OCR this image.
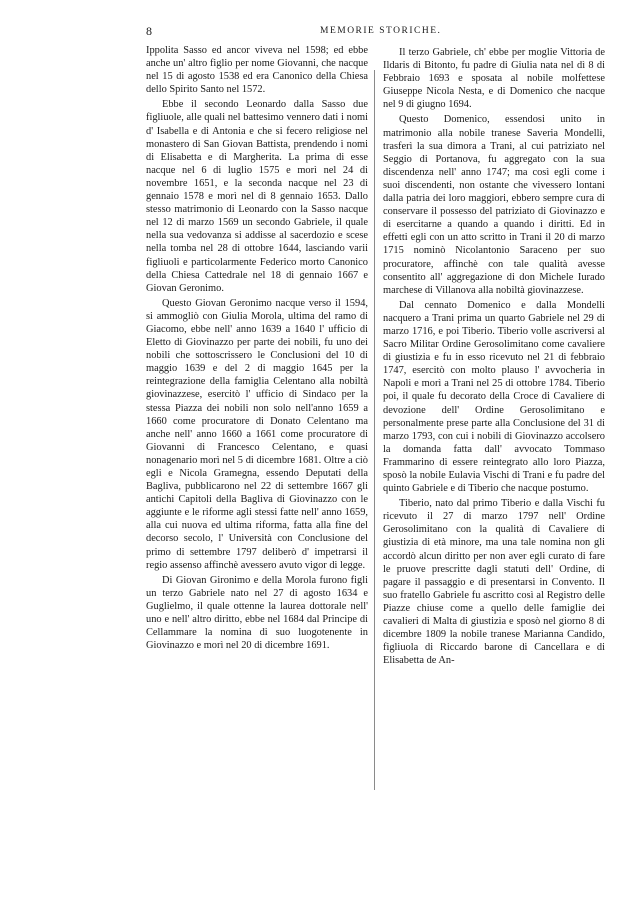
8	MEMORIE STORICHE.

Ippolita Sasso ed ancor viveva nel 1598; ed ebbe anche un' altro figlio per nome Giovanni, che nacque nel 15 di agosto 1538 ed era Canonico della Chiesa dello Spirito Santo nel 1572.

Ebbe il secondo Leonardo dalla Sasso due figliuole, alle quali nel battesimo vennero dati i nomi d' Isabella e di Antonia e che si fecero religiose nel monastero di San Giovan Battista, prendendo i nomi di Elisabetta e di Margherita. La prima di esse nacque nel 6 di luglio 1575 e morì nel 24 di novembre 1651, e la seconda nacque nel 23 di gennaio 1578 e morì nel dì 8 gennaio 1653. Dallo stesso matrimonio di Leonardo con la Sasso nacque nel 12 di marzo 1569 un secondo Gabriele, il quale nella sua vedovanza si addisse al sacerdozio e scese nella tomba nel 28 di ottobre 1644, lasciando varii figliuoli e particolarmente Federico morto Canonico della Chiesa Cattedrale nel 18 di gennaio 1667 e Giovan Geronimo.

Questo Giovan Geronimo nacque verso il 1594, si ammogliò con Giulia Morola, ultima del ramo di Giacomo, ebbe nell' anno 1639 a 1640 l' ufficio di Eletto di Giovinazzo per parte dei nobili, fu uno dei nobili che sottoscrissero le Conclusioni del 10 di maggio 1639 e del 2 di maggio 1645 per la reintegrazione della famiglia Celentano alla nobiltà giovinazzese, esercitò l' ufficio di Sindaco per la stessa Piazza dei nobili non solo nell'anno 1659 a 1660 come procuratore di Donato Celentano ma anche nell' anno 1660 a 1661 come procuratore di Giovanni di Francesco Celentano, e quasi nonagenario morì nel 5 di dicembre 1681. Oltre a ciò egli e Nicola Gramegna, essendo Deputati della Bagliva, pubblicarono nel 22 di settembre 1667 gli antichi Capitoli della Bagliva di Giovinazzo con le aggiunte e le riforme agli stessi fatte nell' anno 1659, alla cui nuova ed ultima riforma, fatta alla fine del decorso secolo, l' Università con Conclusione del primo di settembre 1797 deliberò d' impetrarsi il regio assenso affinchè avessero avuto vigor di legge.

Di Giovan Gironimo e della Morola furono figli un terzo Gabriele nato nel 27 di agosto 1634 e Guglielmo, il quale ottenne la laurea dottorale nell' uno e nell' altro diritto, ebbe nel 1684 dal Principe di Cellammare la nomina di suo luogotenente in Giovinazzo e morì nel 20 di dicembre 1691.

Il terzo Gabriele, ch' ebbe per moglie Vittoria de Ildaris di Bitonto, fu padre di Giulia nata nel dì 8 di Febbraio 1693 e sposata al nobile molfettese Giuseppe Nicola Nesta, e di Domenico che nacque nel 9 di giugno 1694.

Questo Domenico, essendosi unito in matrimonio alla nobile tranese Saveria Mondelli, trasferì la sua dimora a Trani, al cui patriziato nel Seggio di Portanova, fu aggregato con la sua discendenza nell' anno 1747; ma così egli come i suoi discendenti, non ostante che vivessero lontani dalla patria dei loro maggiori, ebbero sempre cura di conservare il possesso del patriziato di Giovinazzo e di esercitarne a quando a quando i diritti. Ed in effetti egli con un atto scritto in Trani il 20 di marzo 1715 nominò Nicolantonio Saraceno per suo procuratore, affinchè con tale qualità avesse consentito all' aggregazione di don Michele Iurado marchese di Villanova alla nobiltà giovinazzese.

Dal cennato Domenico e dalla Mondelli nacquero a Trani prima un quarto Gabriele nel 29 di marzo 1716, e poi Tiberio. Tiberio volle ascriversi al Sacro Militar Ordine Gerosolimitano come cavaliere di giustizia e fu in esso ricevuto nel 21 di febbraio 1747, esercitò con molto plauso l' avvocheria in Napoli e morì a Trani nel 25 di ottobre 1784. Tiberio poi, il quale fu decorato della Croce di Cavaliere di devozione dell' Ordine Gerosolimitano e personalmente prese parte alla Conclusione del 31 di marzo 1793, con cui i nobili di Giovinazzo accolsero la domanda fatta dall' avvocato Tommaso Frammarino di essere reintegrato allo loro Piazza, sposò la nobile Eulavia Vischi di Trani e fu padre del quinto Gabriele e di Tiberio che nacque postumo.

Tiberio, nato dal primo Tiberio e dalla Vischi fu ricevuto il 27 di marzo 1797 nell' Ordine Gerosolimitano con la qualità di Cavaliere di giustizia di età minore, ma una tale nomina non gli accordò alcun diritto per non aver egli curato di fare le pruove prescritte dagli statuti dell' Ordine, di pagare il passaggio e di presentarsi in Convento. Il suo fratello Gabriele fu ascritto così al Registro delle Piazze chiuse come a quello delle famiglie dei cavalieri di Malta di giustizia e sposò nel giorno 8 di dicembre 1809 la nobile tranese Marianna Candido, figliuola di Riccardo barone di Cancellara e di Elisabetta de An-
